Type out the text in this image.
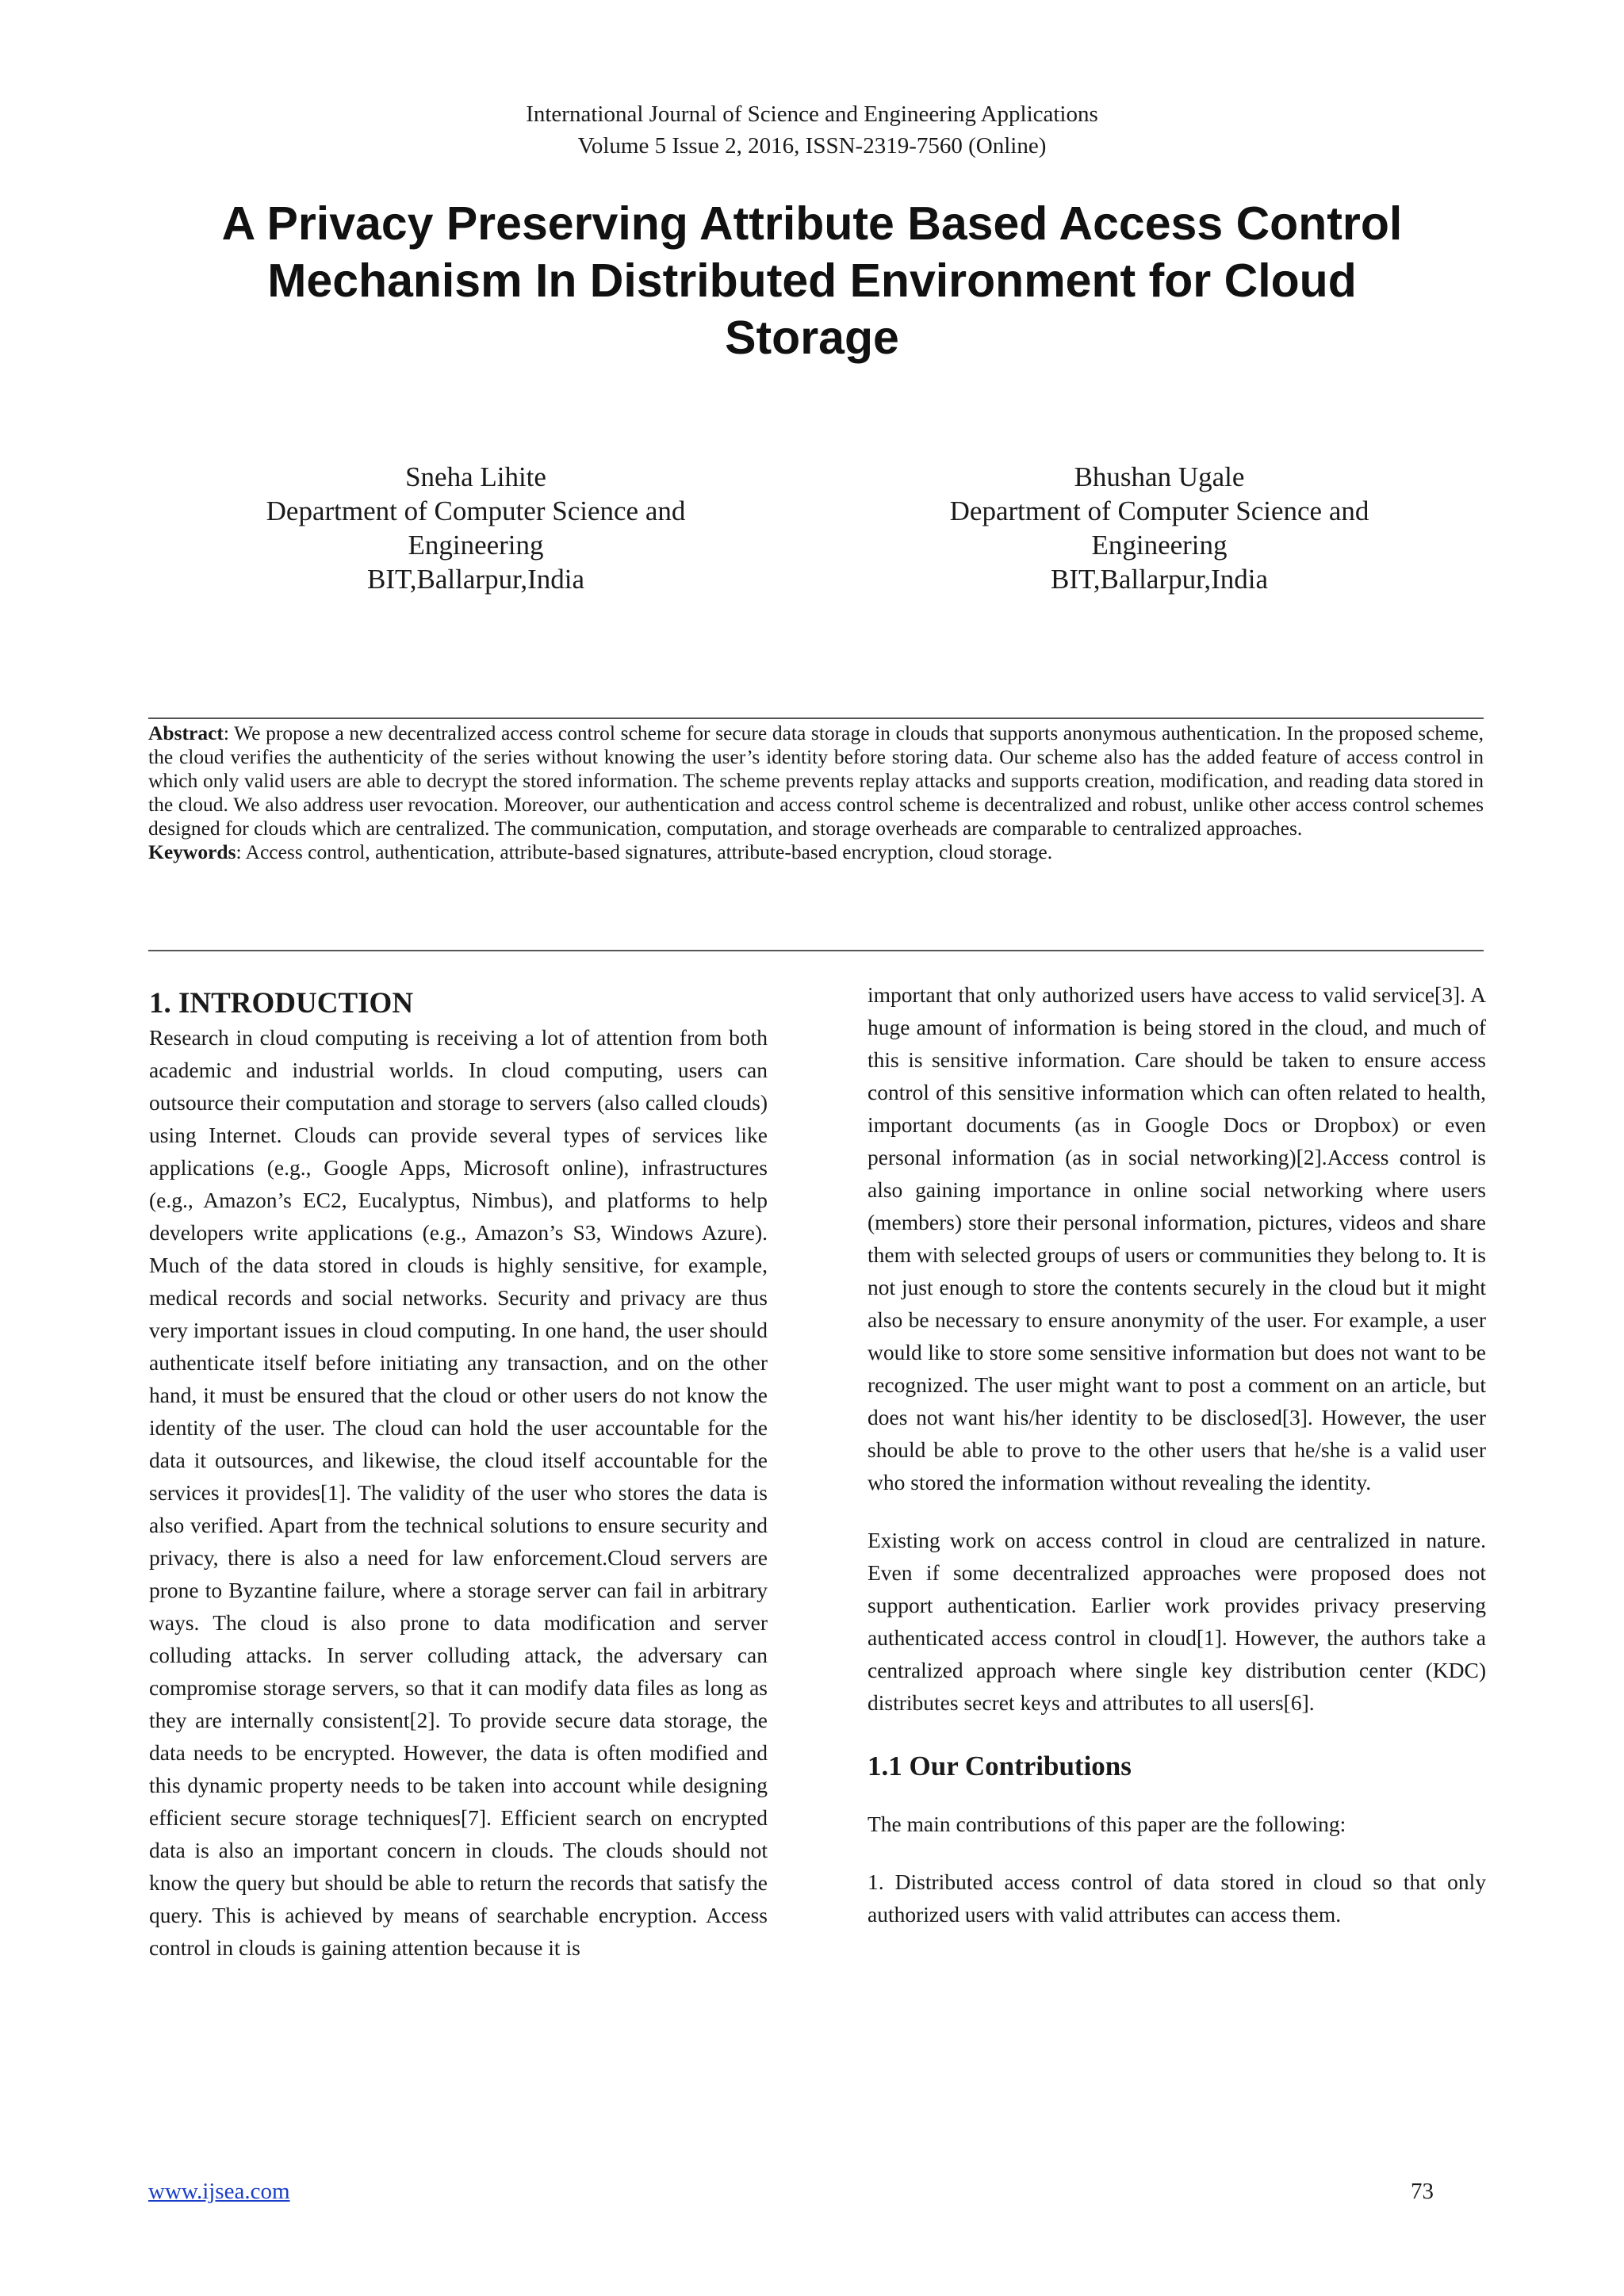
International Journal of Science and Engineering Applications
Volume 5 Issue 2, 2016, ISSN-2319-7560 (Online)
A Privacy Preserving Attribute Based Access Control
Mechanism In Distributed Environment for Cloud
Storage
Sneha Lihite
Department of Computer Science and
Engineering
BIT,Ballarpur,India
Bhushan Ugale
Department of Computer Science and
Engineering
BIT,Ballarpur,India

Abstract: We propose a new decentralized access control scheme for secure data storage in clouds that supports anonymous authentication. In the proposed scheme, the cloud verifies the authenticity of the series without knowing the user’s identity before storing data. Our scheme also has the added feature of access control in which only valid users are able to decrypt the stored information. The scheme prevents replay attacks and supports creation, modification, and reading data stored in the cloud. We also address user revocation. Moreover, our authentication and access control scheme is decentralized and robust, unlike other access control schemes designed for clouds which are centralized. The communication, computation, and storage overheads are comparable to centralized approaches.

Keywords: Access control, authentication, attribute-based signatures, attribute-based encryption, cloud storage.

1. INTRODUCTION

Research in cloud computing is receiving a lot of attention from both academic and industrial worlds. In cloud computing, users can outsource their computation and storage to servers (also called clouds) using Internet. Clouds can provide several types of services like applications (e.g., Google Apps, Microsoft online), infrastructures (e.g., Amazon’s EC2, Eucalyptus, Nimbus), and platforms to help developers write applications (e.g., Amazon’s S3, Windows Azure). Much of the data stored in clouds is highly sensitive, for example, medical records and social networks. Security and privacy are thus very important issues in cloud computing. In one hand, the user should authenticate itself before initiating any transaction, and on the other hand, it must be ensured that the cloud or other users do not know the identity of the user. The cloud can hold the user accountable for the data it outsources, and likewise, the cloud itself accountable for the services it provides[1]. The validity of the user who stores the data is also verified. Apart from the technical solutions to ensure security and privacy, there is also a need for law enforcement.Cloud servers are prone to Byzantine failure, where a storage server can fail in arbitrary ways. The cloud is also prone to data modification and server colluding attacks. In server colluding attack, the adversary can compromise storage servers, so that it can modify data files as long as they are internally consistent[2]. To provide secure data storage, the data needs to be encrypted. However, the data is often modified and this dynamic property needs to be taken into account while designing efficient secure storage techniques[7]. Efficient search on encrypted data is also an important concern in clouds. The clouds should not know the query but should be able to return the records that satisfy the query. This is achieved by means of searchable encryption. Access control in clouds is gaining attention because it is

important that only authorized users have access to valid service[3]. A huge amount of information is being stored in the cloud, and much of this is sensitive information. Care should be taken to ensure access control of this sensitive information which can often related to health, important documents (as in Google Docs or Dropbox) or even personal information (as in social networking)[2].Access control is also gaining importance in online social networking where users (members) store their personal information, pictures, videos and share them with selected groups of users or communities they belong to. It is not just enough to store the contents securely in the cloud but it might also be necessary to ensure anonymity of the user. For example, a user would like to store some sensitive information but does not want to be recognized. The user might want to post a comment on an article, but does not want his/her identity to be disclosed[3]. However, the user should be able to prove to the other users that he/she is a valid user who stored the information without revealing the identity.

Existing work on access control in cloud are centralized in nature. Even if some decentralized approaches were proposed does not support authentication. Earlier work provides privacy preserving authenticated access control in cloud[1]. However, the authors take a centralized approach where single key distribution center (KDC) distributes secret keys and attributes to all users[6].

1.1 Our Contributions

The main contributions of this paper are the following:

1. Distributed access control of data stored in cloud so that only authorized users with valid attributes can access them.

www.ijsea.com	73
